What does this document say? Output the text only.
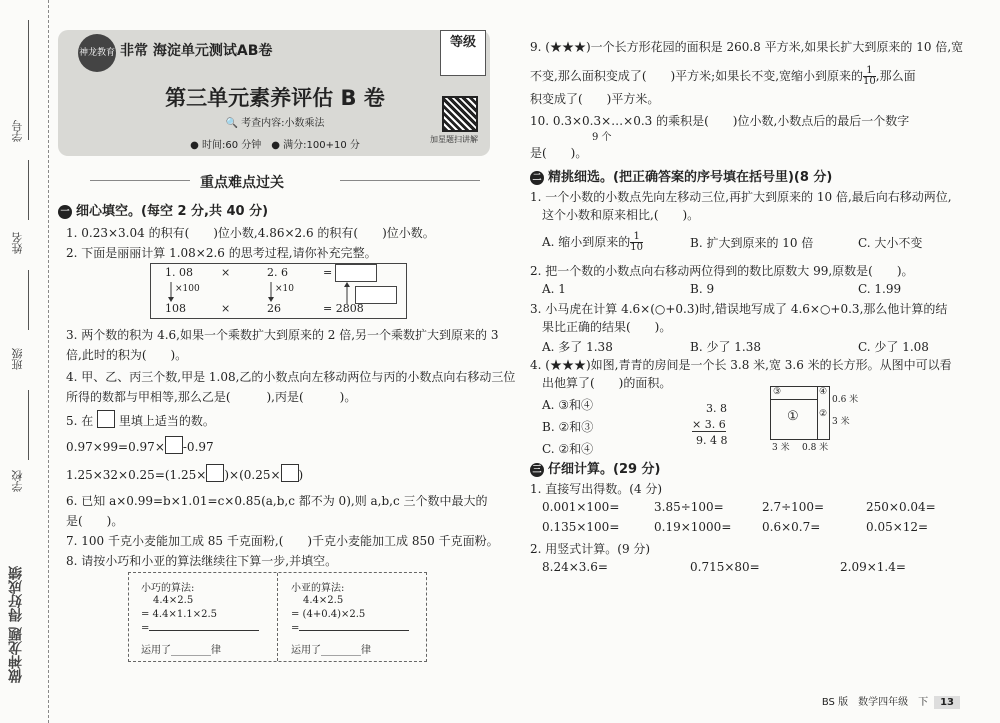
学号
姓名
班级
学校
做神龙题 得好成绩
神龙教育 非常 海淀单元测试AB卷
等级
第三单元素养评估 B 卷
🔍 考查内容:小数乘法
● 时间:60 分钟　● 满分:100+10 分
加星题扫讲解
重点难点过关
一 细心填空。(每空 2 分,共 40 分)
1. 0.23×3.04 的积有(　　)位小数,4.86×2.6 的积有(　　)位小数。
2. 下面是丽丽计算 1.08×2.6 的思考过程,请你补充完整。
1. 08	×	2. 6	=
×100	×10
108	×	26	= 2808
3. 两个数的积为 4.6,如果一个乘数扩大到原来的 2 倍,另一个乘数扩大到原来的 3
倍,此时的积为(　　)。
4. 甲、乙、丙三个数,甲是 1.08,乙的小数点向左移动两位与丙的小数点向右移动三位
所得的数都与甲相等,那么乙是(　　　),丙是(　　　)。
5. 在 里填上适当的数。
0.97×99=0.97× -0.97
1.25×32×0.25=(1.25× )×(0.25× )
6. 已知 a×0.99=b×1.01=c×0.85(a,b,c 都不为 0),则 a,b,c 三个数中最大的
是(　　)。
7. 100 千克小麦能加工成 85 千克面粉,(　　)千克小麦能加工成 850 千克面粉。
8. 请按小巧和小亚的算法继续往下算一步,并填空。
小巧的算法:
4.4×2.5
= 4.4×1.1×2.5
=
运用了________律
小亚的算法:
4.4×2.5
= (4+0.4)×2.5
=
运用了________律
9. (★★★)一个长方形花园的面积是 260.8 平方米,如果长扩大到原来的 10 倍,宽
不变,那么面积变成了(　　)平方米;如果长不变,宽缩小到原来的 $\frac{1}{10}$ ,那么面
积变成了(　　)平方米。
10. 0.3×0.3×…×0.3 的乘积是(　　)位小数,小数点后的最后一个数字
9 个
是(　　)。
二 精挑细选。(把正确答案的序号填在括号里)(8 分)
1. 一个小数的小数点先向左移动三位,再扩大到原来的 10 倍,最后向右移动两位,
这个小数和原来相比,(　　)。
A. 缩小到原来的 $\frac{1}{10}$	B. 扩大到原来的 10 倍	C. 大小不变
2. 把一个数的小数点向右移动两位得到的数比原数大 99,原数是(　　)。
A. 1	B. 9	C. 1.99
3. 小马虎在计算 4.6×(○+0.3)时,错误地写成了 4.6×○+0.3,那么他计算的结
果比正确的结果(　　)。
A. 多了 1.38	B. 少了 1.38	C. 少了 1.08
4. (★★★)如图,青青的房间是一个长 3.8 米,宽 3.6 米的长方形。从图中可以看
出他算了(　　)的面积。
A. ③和④
B. ②和③
C. ②和④
3. 8
× 3. 6
9. 4 8
③	④
① ②
3 米 0.8 米
3 米
0.6 米
三 仔细计算。(29 分)
1. 直接写出得数。(4 分)
0.001×100=	3.85÷100=	2.7÷100=	250×0.04=
0.135×100=	0.19×1000=	0.6×0.7=	0.05×12=
2. 用竖式计算。(9 分)
8.24×3.6=	0.715×80=	2.09×1.4=
BS 版　数学四年级　下 13
